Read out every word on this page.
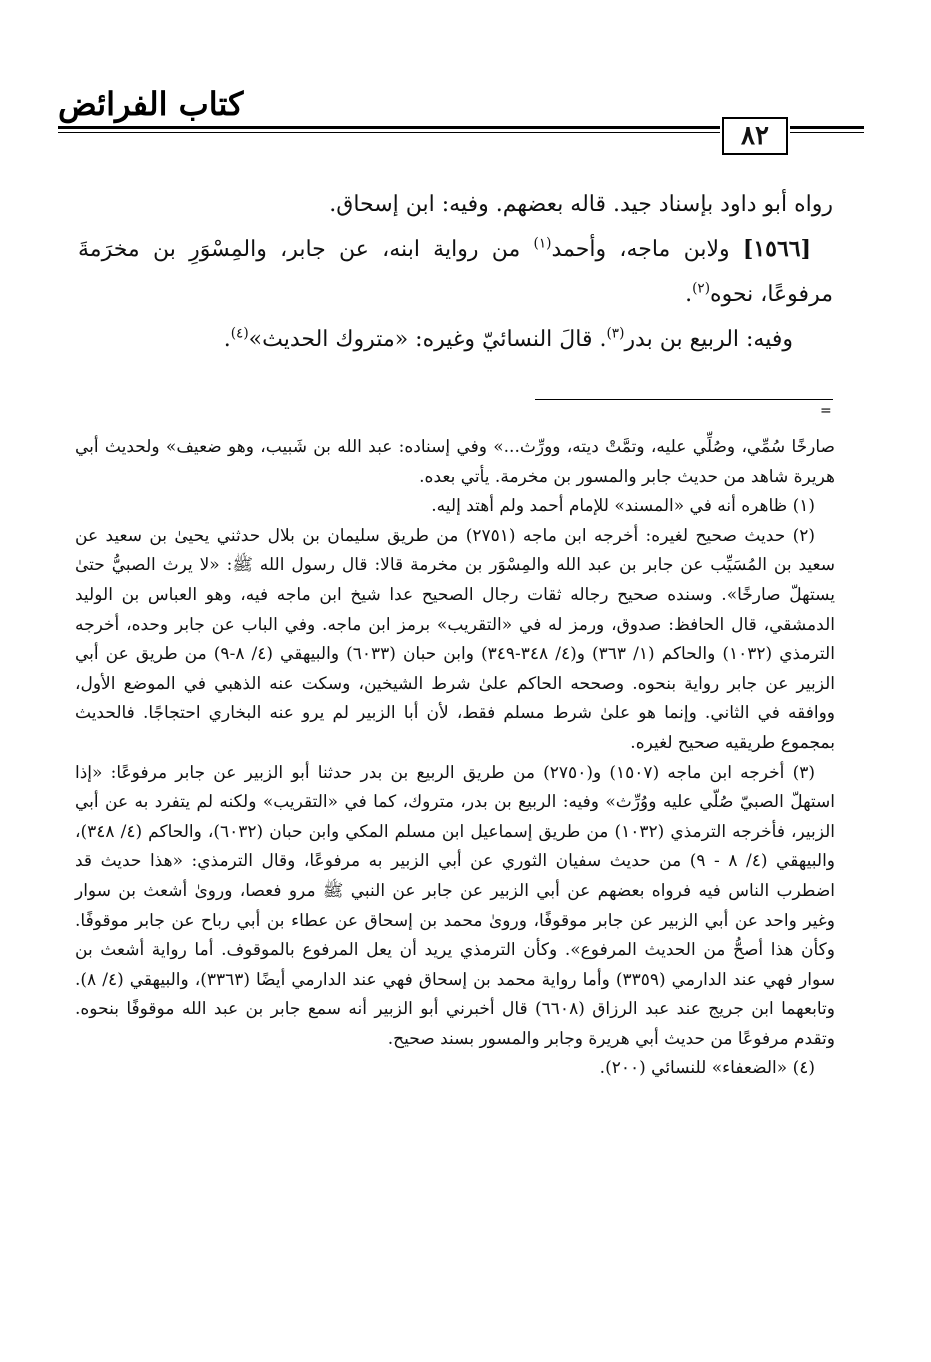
كتاب الفرائض
٨٢

رواه أبو داود بإسناد جيد. قاله بعضهم. وفيه: ابن إسحاق.

[١٥٦٦] ولابن ماجه، وأحمد$^{(١)}$ من رواية ابنه، عن جابر، والمِسْوَرِ بن مخرَمةَ مرفوعًا، نحوه$^{(٢)}$.

وفيه: الربيع بن بدر$^{(٣)}$. قالَ النسائيّ وغيره: «متروك الحديث»$^{(٤)}$.

=

صارخًا سُمِّي، وصُلِّي عليه، وتمَّتْ ديته، وورِّث...» وفي إسناده: عبد الله بن شَبيب، وهو ضعيف» ولحديث أبي هريرة شاهد من حديث جابر والمسور بن مخرمة. يأتي بعده.

(١) ظاهره أنه في «المسند» للإمام أحمد ولم أهتد إليه.

(٢) حديث صحيح لغيره: أخرجه ابن ماجه (٢٧٥١) من طريق سليمان بن بلال حدثني يحيىٰ بن سعيد عن سعيد بن المُسَيِّب عن جابر بن عبد الله والمِسْوَر بن مخرمة قالا: قال رسول الله ﷺ: «لا يرث الصبيُّ حتىٰ يستهلّ صارخًا». وسنده صحيح رجاله ثقات رجال الصحيح عدا شيخ ابن ماجه فيه، وهو العباس بن الوليد الدمشقي، قال الحافظ: صدوق، ورمز له في «التقريب» برمز ابن ماجه. وفي الباب عن جابر وحده، أخرجه الترمذي (١٠٣٢) والحاكم (١/ ٣٦٣) و(٤/ ٣٤٨-٣٤٩) وابن حبان (٦٠٣٣) والبيهقي (٤/ ٨-٩) من طريق عن أبي الزبير عن جابر رواية بنحوه. وصححه الحاكم علىٰ شرط الشيخين، وسكت عنه الذهبي في الموضع الأول، ووافقه في الثاني. وإنما هو علىٰ شرط مسلم فقط، لأن أبا الزبير لم يرو عنه البخاري احتجاجًا. فالحديث بمجموع طريقيه صحيح لغيره.

(٣) أخرجه ابن ماجه (١٥٠٧) و(٢٧٥٠) من طريق الربيع بن بدر حدثنا أبو الزبير عن جابر مرفوعًا: «إذا استهلّ الصبيّ صُلّي عليه ووُرِّث» وفيه: الربيع بن بدر، متروك، كما في «التقريب» ولكنه لم يتفرد به عن أبي الزبير، فأخرجه الترمذي (١٠٣٢) من طريق إسماعيل ابن مسلم المكي وابن حبان (٦٠٣٢)، والحاكم (٤/ ٣٤٨)، والبيهقي (٤/ ٨ - ٩) من حديث سفيان الثوري عن أبي الزبير به مرفوعًا، وقال الترمذي: «هذا حديث قد اضطرب الناس فيه فرواه بعضهم عن أبي الزبير عن جابر عن النبي ﷺ مرو فعصا، وروىٰ أشعث بن سوار وغير واحد عن أبي الزبير عن جابر موقوفًا، وروىٰ محمد بن إسحاق عن عطاء بن أبي رباح عن جابر موقوفًا. وكأن هذا أصحُّ من الحديث المرفوع». وكأن الترمذي يريد أن يعل المرفوع بالموقوف. أما رواية أشعث بن سوار فهي عند الدارمي (٣٣٥٩) وأما رواية محمد بن إسحاق فهي عند الدارمي أيضًا (٣٣٦٣)، والبيهقي (٤/ ٨). وتابعهما ابن جريج عند عبد الرزاق (٦٦٠٨) قال أخبرني أبو الزبير أنه سمع جابر بن عبد الله موقوفًا بنحوه. وتقدم مرفوعًا من حديث أبي هريرة وجابر والمسور بسند صحيح.

(٤) «الضعفاء» للنسائي (٢٠٠).
